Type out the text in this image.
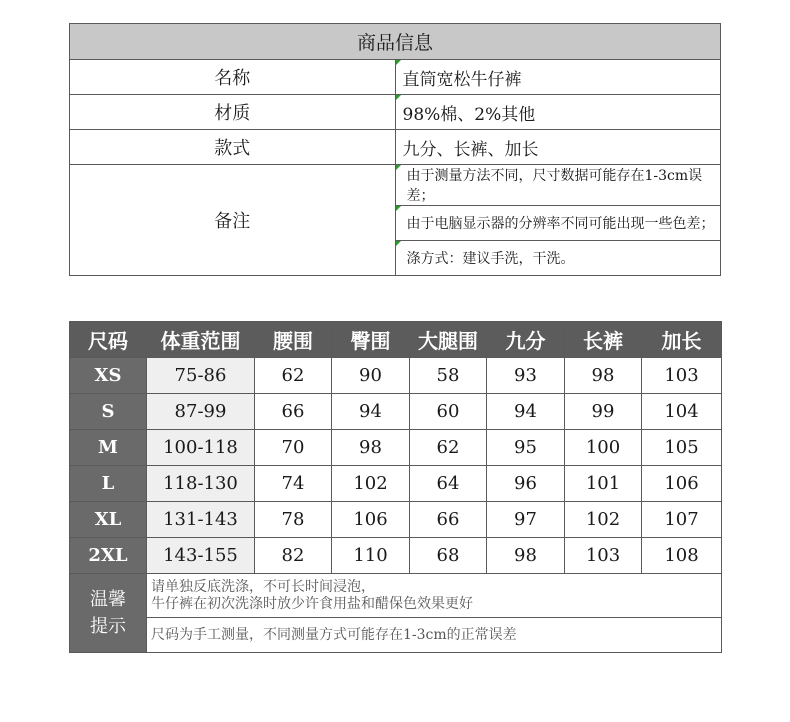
商品信息	
名称	直筒宽松牛仔裤
材质	98%棉、2%其他
款式	九分、长裤、加长
备注	由于测量方法不同，尺寸数据可能存在1-3cm误差；

由于电脑显示器的分辨率不同可能出现一些色差；

涤方式：建议手洗，干洗。
尺码	体重范围	腰围	臀围	大腿围	九分	长裤	加长
XS	75-86	62	90	58	93	98	103
S	87-99	66	94	60	94	99	104
M	100-118	70	98	62	95	100	105
L	118-130	74	102	64	96	101	106
XL	131-143	78	106	66	97	102	107
2XL	143-155	82	110	68	98	103	108
温馨
提示	请单独反底洗涤，不可长时间浸泡，
牛仔裤在初次洗涤时放少许食用盐和醋保色效果更好						
	尺码为手工测量，不同测量方式可能存在1-3cm的正常误差						
